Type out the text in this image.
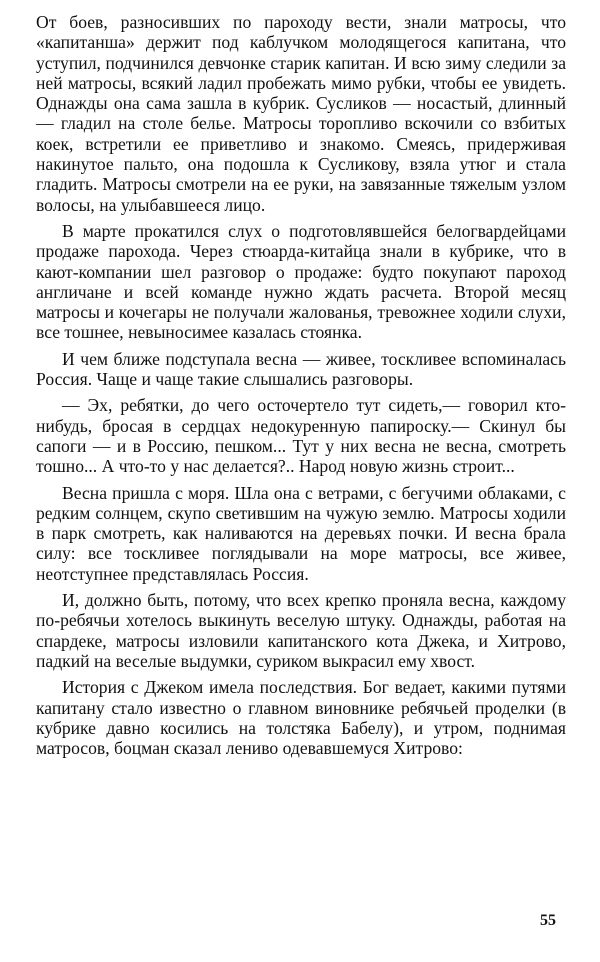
От боев, разносивших по пароходу вести, знали матросы, что «капитанша» держит под каблучком молодящегося капитана, что уступил, подчинился девчонке старик капитан. И всю зиму следили за ней матросы, всякий ладил пробежать мимо рубки, чтобы ее увидеть. Однажды она сама зашла в кубрик. Сусликов — носастый, длинный — гладил на столе белье. Матросы торопливо вскочили со взбитых коек, встретили ее приветливо и знакомо. Смеясь, придерживая накинутое пальто, она подошла к Сусликову, взяла утюг и стала гладить. Матросы смотрели на ее руки, на завязанные тяжелым узлом волосы, на улыбавшееся лицо.

В марте прокатился слух о подготовлявшейся белогвардейцами продаже парохода. Через стюарда-китайца знали в кубрике, что в кают-компании шел разговор о продаже: будто покупают пароход англичане и всей команде нужно ждать расчета. Второй месяц матросы и кочегары не получали жалованья, тревожнее ходили слухи, все тошнее, невыносимее казалась стоянка.

И чем ближе подступала весна — живее, тоскливее вспоминалась Россия. Чаще и чаще такие слышались разговоры.

— Эх, ребятки, до чего осточертело тут сидеть,— говорил кто-нибудь, бросая в сердцах недокуренную папироску.— Скинул бы сапоги — и в Россию, пешком... Тут у них весна не весна, смотреть тошно... А что-то у нас делается?.. Народ новую жизнь строит...

Весна пришла с моря. Шла она с ветрами, с бегучими облаками, с редким солнцем, скупо светившим на чужую землю. Матросы ходили в парк смотреть, как наливаются на деревьях почки. И весна брала силу: все тоскливее поглядывали на море матросы, все живее, неотступнее представлялась Россия.

И, должно быть, потому, что всех крепко проняла весна, каждому по-ребячьи хотелось выкинуть веселую штуку. Однажды, работая на спардеке, матросы изловили капитанского кота Джека, и Хитрово, падкий на веселые выдумки, суриком выкрасил ему хвост.

История с Джеком имела последствия. Бог ведает, какими путями капитану стало известно о главном виновнике ребячьей проделки (в кубрике давно косились на толстяка Бабелу), и утром, поднимая матросов, боцман сказал лениво одевавшемуся Хитрово:

55
